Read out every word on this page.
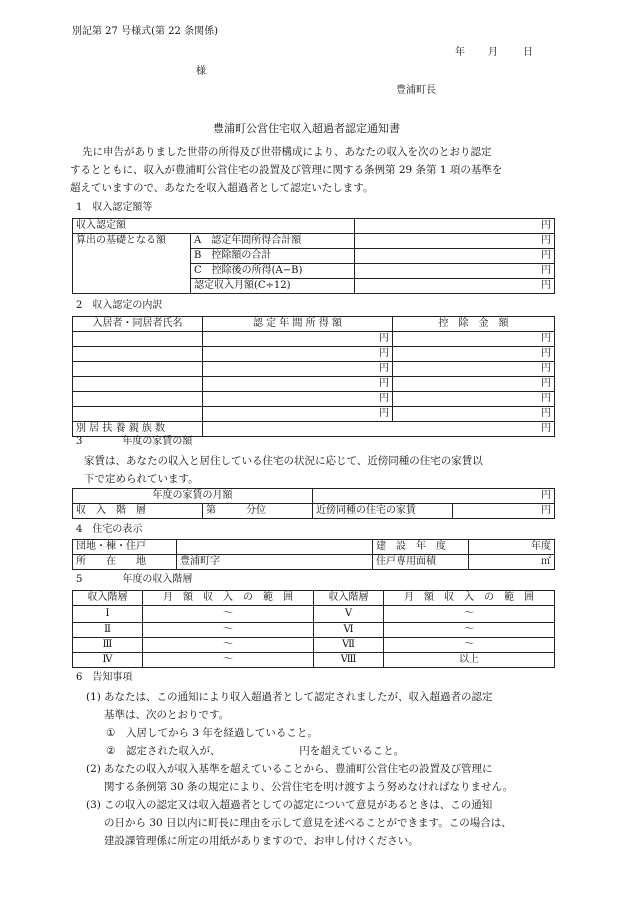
別記第 27 号様式(第 22 条関係)
年 月	日
様
豊浦町長
豊浦町公営住宅収入超過者認定通知書

先に申告がありました世帯の所得及び世帯構成により、あなたの収入を次のとおり認定

するとともに、収入が豊浦町公営住宅の設置及び管理に関する条例第 29 条第 1 項の基準を

超えていますので、あなたを収入超過者として認定いたします。

1　収入認定額等
収入認定額		円
算出の基礎となる額	A　認定年間所得合計額	円
	B　控除額の合計	円
	C　控除後の所得(A−B)	円
	認定収入月額(C÷12)	円
2　収入認定の内訳
入居者・同居者氏名	認 定 年 間 所 得 額	控　除　金　額
	円	円
	円	円
	円	円
	円	円
	円	円
	円	円
別 居 扶 養 親 族 数	円	
3　　　　年度の家賃の額

家賃は、あなたの収入と居住している住宅の状況に応じて、近傍同種の住宅の家賃以

下で定められています。

年度の家賃の月額		円	
収　入　階　層	第　　　分位	近傍同種の住宅の家賃	円
4　住宅の表示
団地・棟・住戸		建　設　年　度	年度
所　　在　　地	豊浦町字	住戸専用面積	㎡
5　　　　年度の収入階層
収入階層	月　額　収　入　の　範　囲	収入階層	月　額　収　入　の　範　囲
Ⅰ	〜	Ⅴ	〜
Ⅱ	〜	Ⅵ	〜
Ⅲ	〜	Ⅶ	〜
Ⅳ	〜	Ⅷ	以上
6　告知事項
(1) あなたは、この通知により収入超過者として認定されましたが、収入超過者の認定
基準は、次のとおりです。
① 入居してから 3 年を経過していること。
② 認定された収入が、　　　　　　　　円を超えていること。
(2) あなたの収入が収入基準を超えていることから、豊浦町公営住宅の設置及び管理に
関する条例第 30 条の規定により、公営住宅を明け渡すよう努めなければなりません。
(3) この収入の認定又は収入超過者としての認定について意見があるときは、この通知
の日から 30 日以内に町長に理由を示して意見を述べることができます。この場合は、
建設課管理係に所定の用紙がありますので、お申し付けください。
